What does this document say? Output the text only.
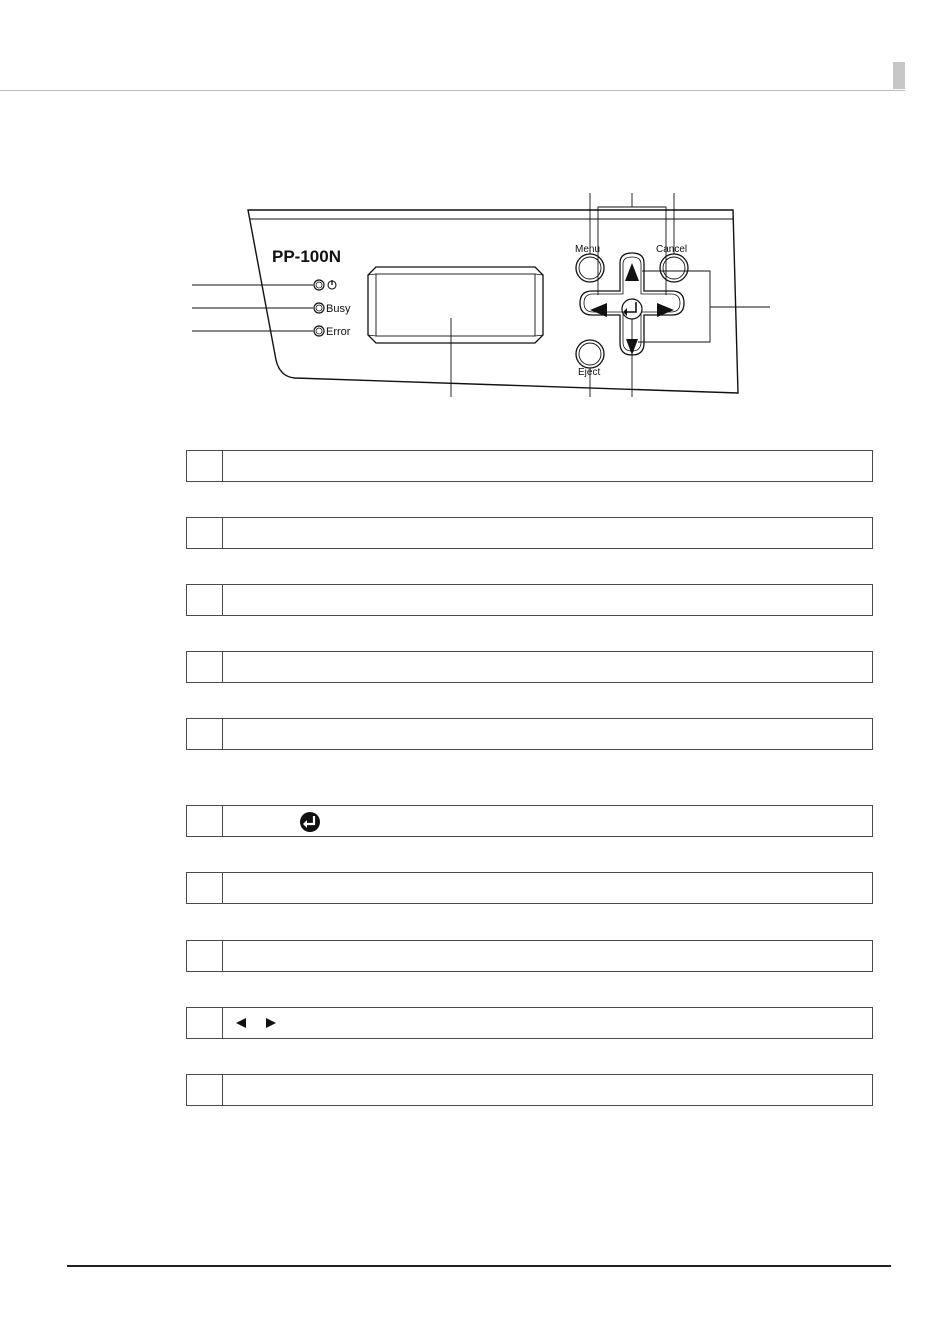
PP-100N
Busy
Error
Menu	Cancel
Eject
